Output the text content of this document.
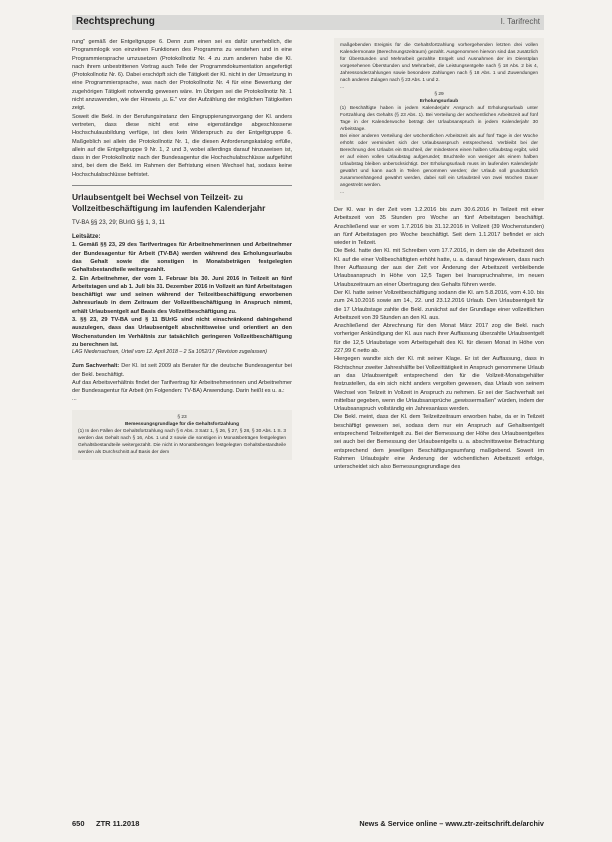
Rechtsprechung	I. Tarifrecht

rung" gemäß der Entgeltgruppe 6. Denn zum einen sei es dafür unerheblich, die Programmlogik von einzelnen Funktionen des Programms zu verstehen und in eine Programmiersprache umzusetzen (Protokollnotiz Nr. 4 zu zum anderen habe die Kl. nach ihrem unbestrittenen Vortrag auch Teile der Programmdokumentation angefertigt (Protokollnotiz Nr. 6). Dabei erschöpft sich die Tätigkeit der Kl. nicht in der Umsetzung in eine Programmiersprache, was nach der Protokollnotiz Nr. 4 für eine Bewertung der zugehörigen Tätigkeit notwendig gewesen wäre. Im Übrigen sei die Protokollnotiz Nr. 1 nicht anzuwenden, wie der Hinweis „u. E." vor der Aufzählung der möglichen Tätigkeiten zeigt.

Soweit die Bekl. in der Berufungsinstanz den Eingruppierungsvorgang der Kl. anders vertreten, dass diese nicht erst eine eigenständige abgeschlossene Hochschulausbildung verfüge, ist dies kein Widerspruch zu der Entgeltgruppe 6. Maßgeblich sei allein die Protokollnotiz Nr. 1, die diesen Anforderungskatalog erfülle, allein auf die Entgeltgruppe 9 Nr. 1, 2 und 3, wobei allerdings darauf hinzuweisen ist, dass in der Protokollnotiz nach der Bundesagentur die Hochschulabschlüsse aufgeführt sind, bei dem die Bekl. im Rahmen der Befristung einen Wechsel hat, sodass keine Hochschulabschlüsse befristet.

Urlaubsentgelt bei Wechsel von Teilzeit- zu Vollzeitbeschäftigung im laufenden Kalenderjahr

TV-BA §§ 23, 29; BUrlG §§ 1, 3, 11

Leitsätze:

1. Gemäß §§ 23, 29 des Tarifvertrages für Arbeitnehmerinnen und Arbeitnehmer der Bundesagentur für Arbeit (TV-BA) werden während des Erholungsurlaubs das Gehalt sowie die sonstigen in Monatsbeträgen festgelegten Gehaltsbestandteile weitergezahlt.

2. Ein Arbeitnehmer, der vom 1. Februar bis 30. Juni 2016 in Teilzeit an fünf Arbeitstagen und ab 1. Juli bis 31. Dezember 2016 in Vollzeit an fünf Arbeitstagen beschäftigt war und seinen während der Teilzeitbeschäftigung erworbenen Jahresurlaub in dem Zeitraum der Vollzeitbeschäftigung in Anspruch nimmt, erhält Urlaubsentgelt auf Basis des Vollzeitbeschäftigung zu.

3. §§ 23, 29 TV-BA und § 11 BUrlG sind nicht einschränkend dahingehend auszulegen, dass das Urlaubsentgelt abschnittsweise und orientiert an den Wochenstunden im Verhältnis zur tatsächlich geringeren Vollzeitbeschäftigung zu berechnen ist.

LAG Niedersachsen, Urteil vom 12. April 2018 – 2 Sa 1052/17 (Revision zugelassen)

Zum Sachverhalt: Der Kl. ist seit 2009 als Berater für die deutsche Bundesagentur bei der Bekl. beschäftigt.

Auf das Arbeitsverhältnis findet der Tarifvertrag für Arbeitnehmerinnen und Arbeitnehmer der Bundesagentur für Arbeit (im Folgenden: TV-BA) Anwendung. Darin heißt es u. a.:

...

§ 23

Bemessungsgrundlage für die Gehaltsfortzahlung

(1) In den Fällen der Gehaltsfortzahlung nach § 6 Abs. 3 Satz 1, § 26, § 27, § 28, § 30 Abs. 1 S. 3 werden das Gehalt nach § 16, Abs. 1 und 2 sowie die sonstigen in Monatsbeträgen festgelegten Gehaltsbestandteile weitergezahlt. Die nicht in Monatsbeträgen festgelegten Gehaltsbestandteile werden als Durchschnitt auf Basis der dem

maßgebenden Ereignis für die Gehaltsfortzahlung vorhergehenden letzten drei vollen Kalendermonate (Berechnungszeitraum) gezahlt. Ausgenommen hiervon sind das zusätzlich für Überstunden und Mehrarbeit gezahlte Entgelt und Ausnahmen der im Dienstplan vorgesehenen Überstunden und Mehrarbeit, die Leistungsentgelte nach § 18 Abs. 2 bis 4, Jahressonderzahlungen sowie besondere Zahlungen nach § 18 Abs. 1 und Zuwendungen nach anderen Zulagen nach § 23 Abs. 1 und 2.

...

§ 29

Erholungsurlaub

(1) Beschäftigte haben in jedem Kalenderjahr Anspruch auf Erholungsurlaub unter Fortzahlung des Gehalts (§ 23 Abs. 1). Bei Verteilung der wöchentlichen Arbeitszeit auf fünf Tage in der Kalenderwoche beträgt der Urlaubsanspruch in jedem Kalenderjahr 30 Arbeitstage.

Bei einer anderen Verteilung der wöchentlichen Arbeitszeit als auf fünf Tage in der Woche erhöht oder vermindert sich der Urlaubsanspruch entsprechend. Verbleibt bei der Berechnung des Urlaubs ein Bruchteil, der mindestens einen halben Urlaubstag ergibt, wird er auf einen vollen Urlaubstag aufgerundet; Bruchteile von weniger als einem halben Urlaubstag bleiben unberücksichtigt. Der Erholungsurlaub muss im laufenden Kalenderjahr gewährt und kann auch in Teilen genommen werden; der Urlaub soll grundsätzlich zusammenhängend gewährt werden, dabei soll ein Urlaubsteil von zwei Wochen Dauer angestrebt werden.

...

Der Kl. war in der Zeit vom 1.2.2016 bis zum 30.6.2016 in Teilzeit mit einer Arbeitszeit von 35 Stunden pro Woche an fünf Arbeitstagen beschäftigt. Anschließend war er vom 1.7.2016 bis 31.12.2016 in Vollzeit (39 Wochenstunden) an fünf Arbeitstagen pro Woche beschäftigt. Seit dem 1.1.2017 befindet er sich wieder in Teilzeit.

Die Bekl. hatte den Kl. mit Schreiben vom 17.7.2016, in dem sie die Arbeitszeit des Kl. auf die einer Vollbeschäftigten erhöht hatte, u. a. darauf hingewiesen, dass nach Ihrer Auffassung der aus der Zeit vor Änderung der Arbeitszeit verbleibende Urlaubsanspruch in Höhe von 12,5 Tagen bei Inanspruchnahme, im neuen Urlaubszeitraum an einer Übertragung des Gehalts führen werde.

Der Kl. hatte seiner Vollzeitbeschäftigung sodann die Kl. am 5.8.2016, vom 4.10. bis zum 24.10.2016 sowie am 14., 22. und 23.12.2016 Urlaub. Den Urlaubsentgelt für die 17 Urlaubstage zahlte die Bekl. zunächst auf der Grundlage einer vollzeitlichen Arbeitszeit von 39 Stunden an den Kl. aus.

Anschließend der Abrechnung für den Monat März 2017 zog die Bekl. nach vorheriger Ankündigung der Kl. aus nach ihrer Auffassung überzahlte Urlaubsentgelt für die 12,5 Urlaubstage vom Arbeitsgehalt des Kl. für diesen Monat in Höhe von 227,99 € netto ab.

Hiergegen wandte sich der Kl. mit seiner Klage. Er ist der Auffassung, dass in Richtschnur zweiter Jahreshälfte bei Vollzeittätigkeit in Anspruch genommene Urlaub an das Urlaubsentgelt entsprechend den für die Vollzeit-Monatsgehälter festzustellen, da ein sich nicht anders vergolten gewesen, das Urlaub von seinem Wechsel von Teilzeit in Vollzeit in Anspruch zu nehmen. Er sei der Sachverhalt sei mittelbar gegeben, wenn die Urlaubsansprüche „gewissermaßen" würden, indem der Urlaubsanspruch vollständig ein Jahresanlass werden.

Die Bekl. meint, dass der Kl. dem Teilzeitzeitraum erworben habe, da er in Teilzeit beschäftigt gewesen sei, sodass dem nur ein Anspruch auf Gehaltsentgelt entsprechend Teilzeitentgelt zu. Bei der Bemessung der Höhe des Urlaubsentgeltes sei auch bei der Bemessung der Urlaubsentgelts u. a. abschnittsweise Betrachtung entsprechend dem jeweiligen Beschäftigungsumfang maßgebend. Soweit im Rahmen Urlaubsjahr eine Änderung der wöchentlichen Arbeitszeit erfolge, unterscheidet sich also Bemessungsgrundlage des

650 ZTR 11.2018	News & Service online – www.ztr-zeitschrift.de/archiv
